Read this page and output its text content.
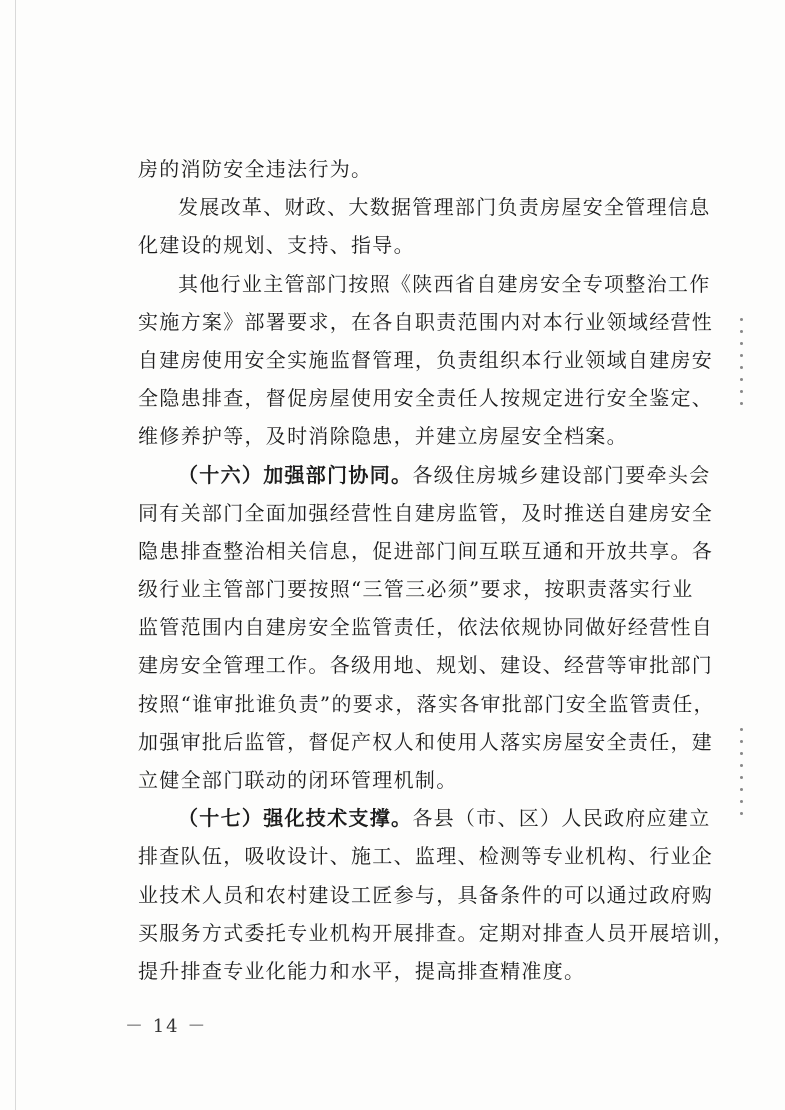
房的消防安全违法行为。
发展改革、财政、大数据管理部门负责房屋安全管理信息
化建设的规划、支持、指导。
其他行业主管部门按照《陕西省自建房安全专项整治工作
实施方案》部署要求，在各自职责范围内对本行业领域经营性
自建房使用安全实施监督管理，负责组织本行业领域自建房安
全隐患排查，督促房屋使用安全责任人按规定进行安全鉴定、
维修养护等，及时消除隐患，并建立房屋安全档案。
（十六）加强部门协同。各级住房城乡建设部门要牵头会
同有关部门全面加强经营性自建房监管，及时推送自建房安全
隐患排查整治相关信息，促进部门间互联互通和开放共享。各
级行业主管部门要按照“三管三必须”要求，按职责落实行业
监管范围内自建房安全监管责任，依法依规协同做好经营性自
建房安全管理工作。各级用地、规划、建设、经营等审批部门
按照“谁审批谁负责”的要求，落实各审批部门安全监管责任，
加强审批后监管，督促产权人和使用人落实房屋安全责任，建
立健全部门联动的闭环管理机制。
（十七）强化技术支撑。各县（市、区）人民政府应建立
排查队伍，吸收设计、施工、监理、检测等专业机构、行业企
业技术人员和农村建设工匠参与，具备条件的可以通过政府购
买服务方式委托专业机构开展排查。定期对排查人员开展培训，
提升排查专业化能力和水平，提高排查精准度。
－ 14 －
